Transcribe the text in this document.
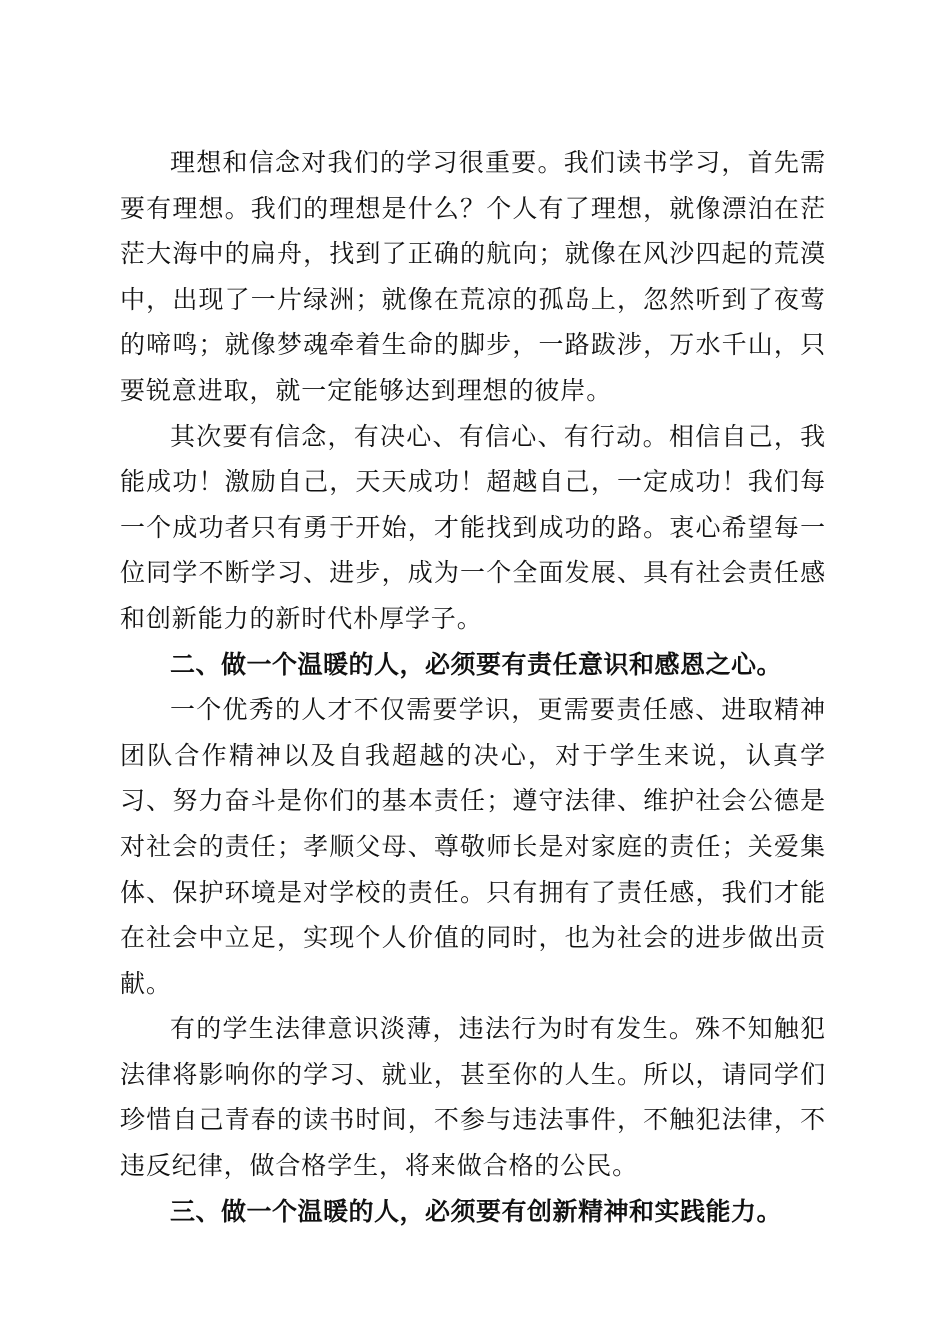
理想和信念对我们的学习很重要。我们读书学习，首先需要有理想。我们的理想是什么？个人有了理想，就像漂泊在茫茫大海中的扁舟，找到了正确的航向；就像在风沙四起的荒漠中，出现了一片绿洲；就像在荒凉的孤岛上，忽然听到了夜莺的啼鸣；就像梦魂牵着生命的脚步，一路跋涉，万水千山，只要锐意进取，就一定能够达到理想的彼岸。

其次要有信念，有决心、有信心、有行动。相信自己，我能成功！激励自己，天天成功！超越自己，一定成功！我们每一个成功者只有勇于开始，才能找到成功的路。衷心希望每一位同学不断学习、进步，成为一个全面发展、具有社会责任感和创新能力的新时代朴厚学子。

二、做一个温暖的人，必须要有责任意识和感恩之心。

一个优秀的人才不仅需要学识，更需要责任感、进取精神团队合作精神以及自我超越的决心，对于学生来说，认真学习、努力奋斗是你们的基本责任；遵守法律、维护社会公德是对社会的责任；孝顺父母、尊敬师长是对家庭的责任；关爱集体、保护环境是对学校的责任。只有拥有了责任感，我们才能在社会中立足，实现个人价值的同时，也为社会的进步做出贡献。

有的学生法律意识淡薄，违法行为时有发生。殊不知触犯法律将影响你的学习、就业，甚至你的人生。所以，请同学们珍惜自己青春的读书时间，不参与违法事件，不触犯法律，不违反纪律，做合格学生，将来做合格的公民。

三、做一个温暖的人，必须要有创新精神和实践能力。
